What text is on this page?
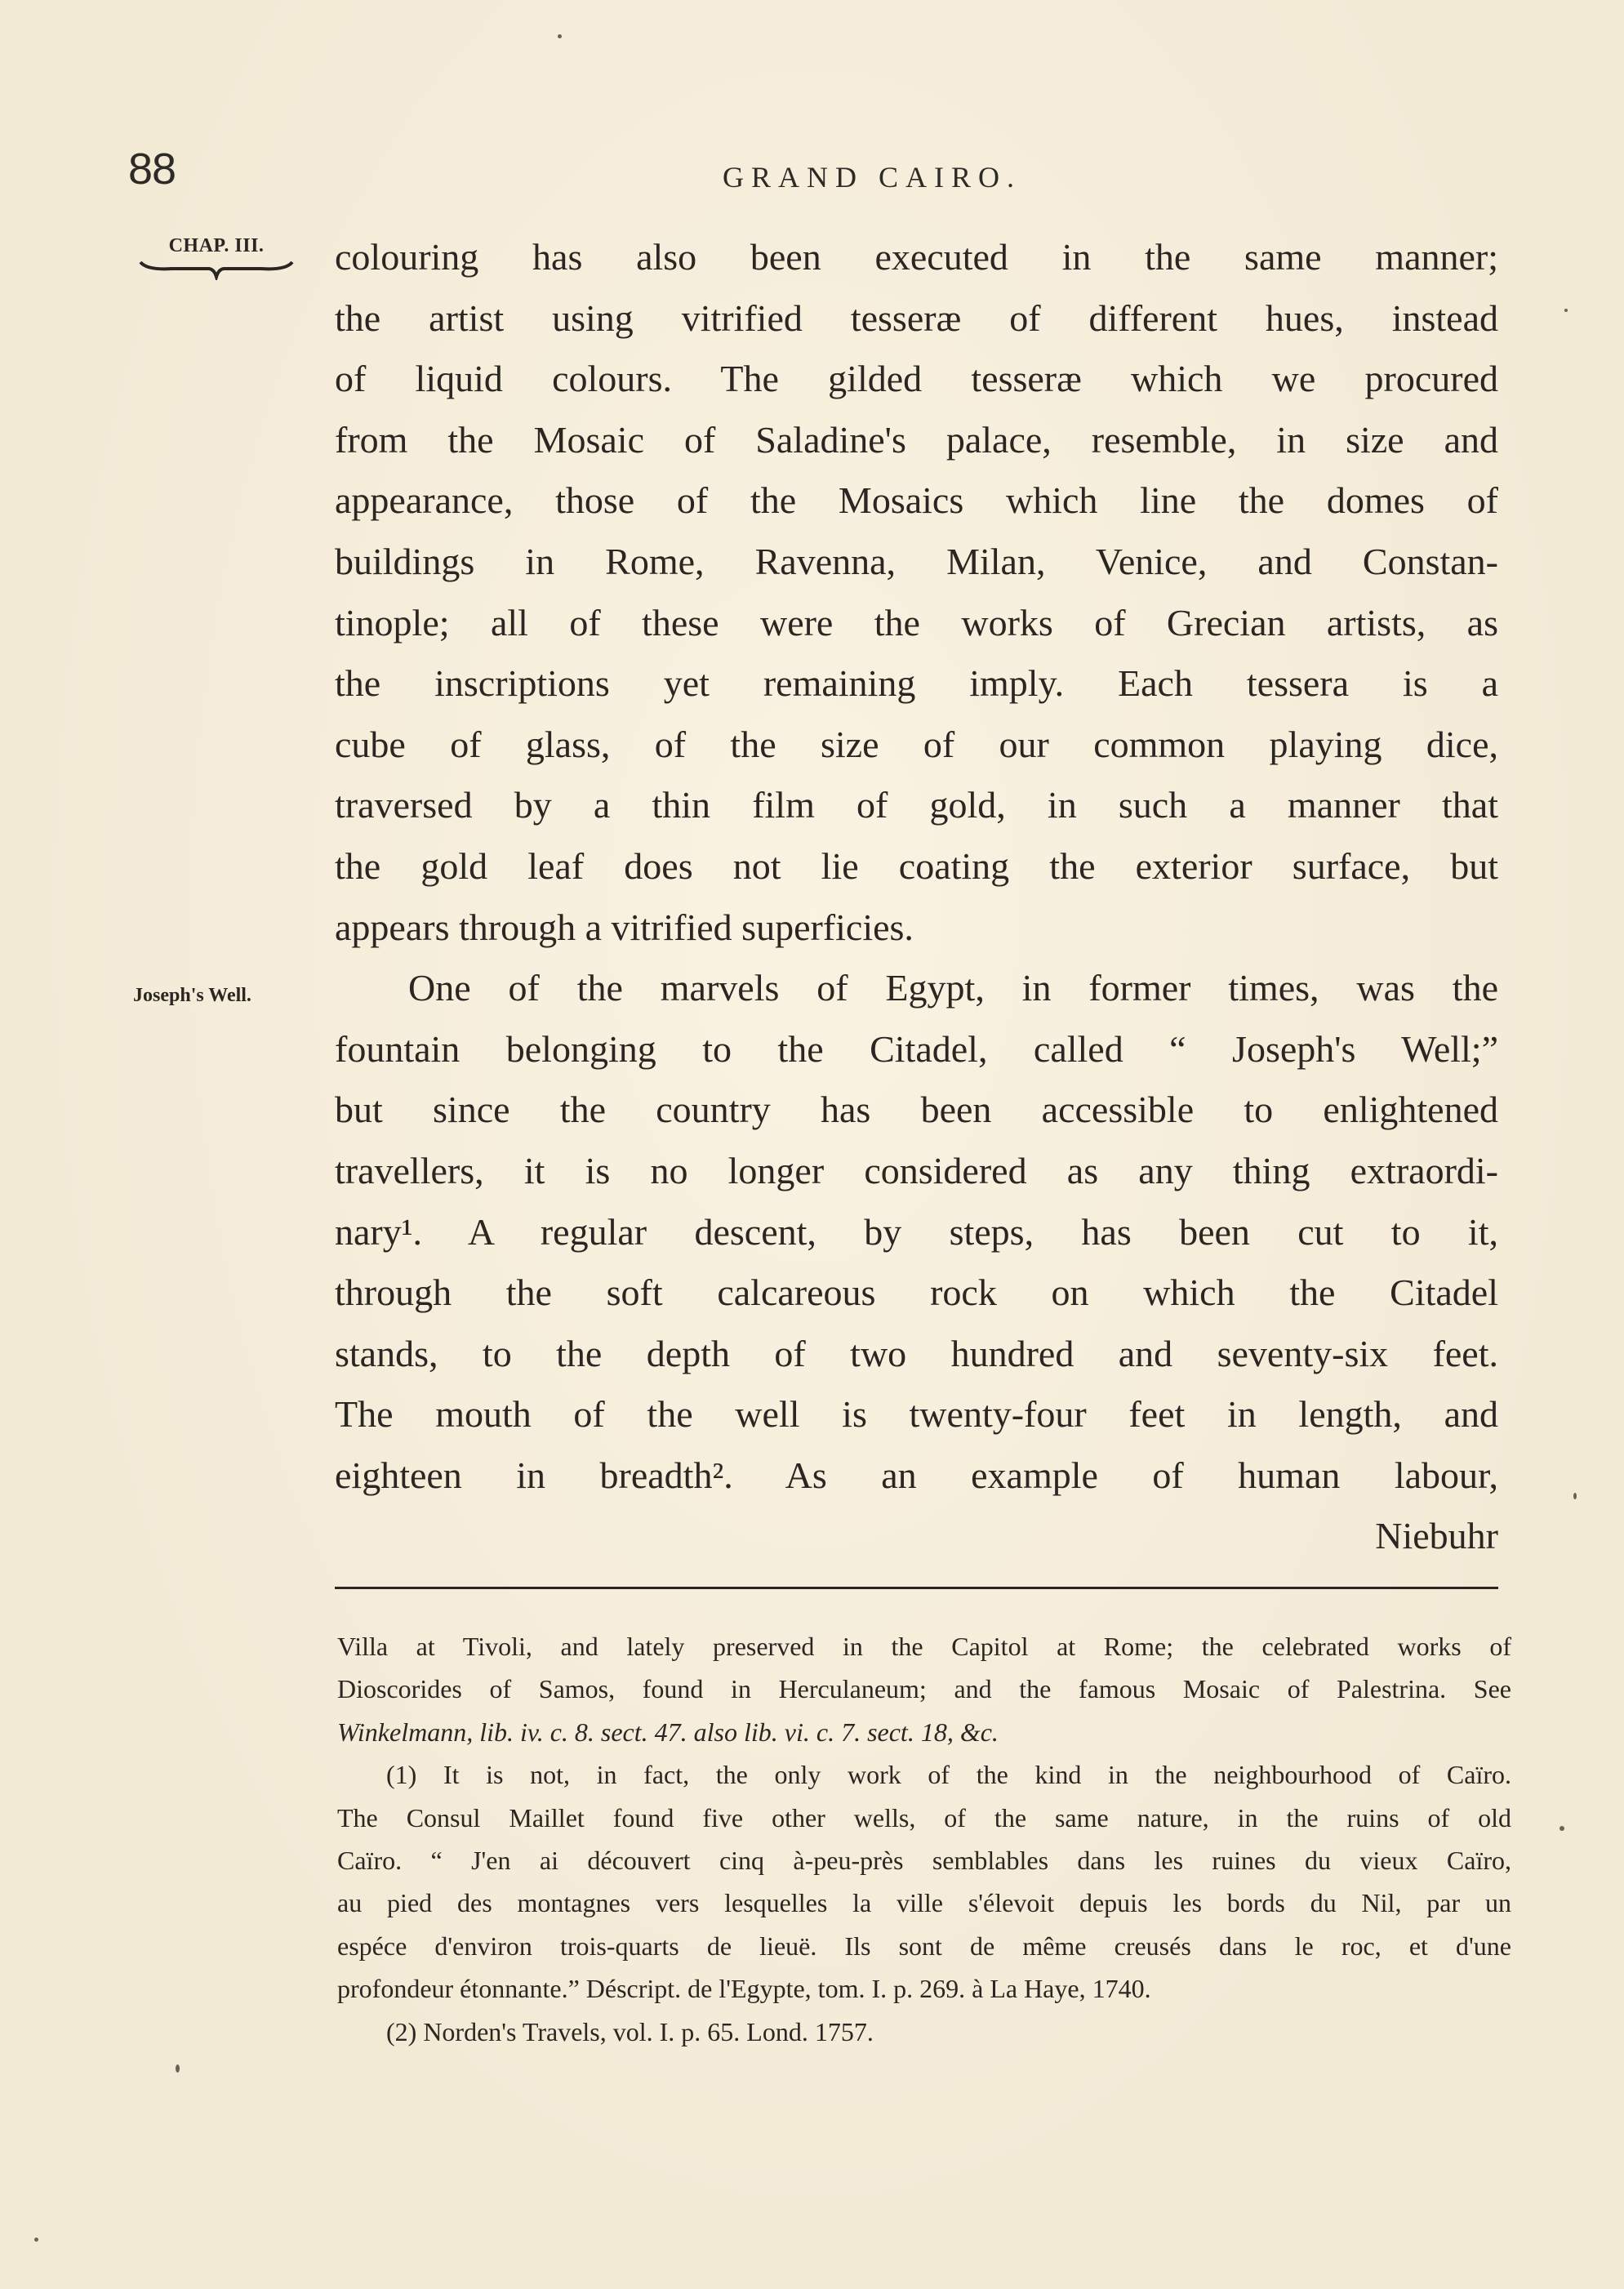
88	GRAND CAIRO.
CHAP. III.
Joseph's Well.
colouring has also been executed in the same manner;
the artist using vitrified tesseræ of different hues, instead
of liquid colours. The gilded tesseræ which we procured
from the Mosaic of Saladine's palace, resemble, in size and
appearance, those of the Mosaics which line the domes of
buildings in Rome, Ravenna, Milan, Venice, and Constan-
tinople; all of these were the works of Grecian artists, as
the inscriptions yet remaining imply. Each tessera is a
cube of glass, of the size of our common playing dice,
traversed by a thin film of gold, in such a manner that
the gold leaf does not lie coating the exterior surface, but
appears through a vitrified superficies.
One of the marvels of Egypt, in former times, was the
fountain belonging to the Citadel, called “ Joseph's Well;”
but since the country has been accessible to enlightened
travellers, it is no longer considered as any thing extraordi-
nary¹. A regular descent, by steps, has been cut to it,
through the soft calcareous rock on which the Citadel
stands, to the depth of two hundred and seventy-six feet.
The mouth of the well is twenty-four feet in length, and
eighteen in breadth². As an example of human labour,
Niebuhr
Villa at Tivoli, and lately preserved in the Capitol at Rome; the celebrated works of
Dioscorides of Samos, found in Herculaneum; and the famous Mosaic of Palestrina. See
Winkelmann, lib. iv. c. 8. sect. 47. also lib. vi. c. 7. sect. 18, &c.
(1) It is not, in fact, the only work of the kind in the neighbourhood of Caïro.
The Consul Maillet found five other wells, of the same nature, in the ruins of old
Caïro. “ J'en ai découvert cinq à-peu-près semblables dans les ruines du vieux Caïro,
au pied des montagnes vers lesquelles la ville s'élevoit depuis les bords du Nil, par un
espéce d'environ trois-quarts de lieuë. Ils sont de même creusés dans le roc, et d'une
profondeur étonnante.” Déscript. de l'Egypte, tom. I. p. 269. à La Haye, 1740.
(2) Norden's Travels, vol. I. p. 65. Lond. 1757.
